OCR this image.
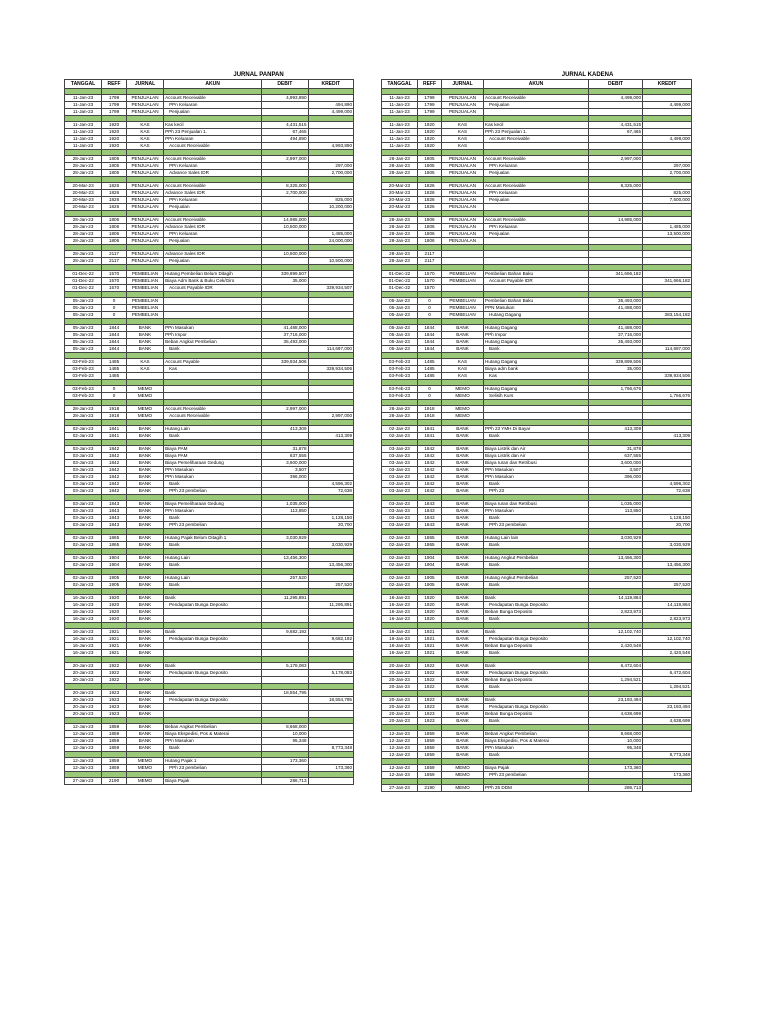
			JURNAL PANPAN		
TANGGAL	REFF	JURNAL	AKUN	DEBIT	KREDIT

11-Jan-23	1799	PENJUALAN	Account Receivable	4,993,890	
11-Jan-23	1799	PENJUALAN	PPn Keluaran		494,890
11-Jan-23	1799	PENJUALAN	Penjualan		4,499,000

11-Jan-23	1920	KAS	Kas kecil	4,431,515	
11-Jan-23	1920	KAS	PPh 23 Penjualan 1.	67,465	
11-Jan-23	1920	KAS	PPn Keluaran	494,890	
11-Jan-23	1920	KAS	Account Receivable		4,993,890

28-Jan-23	1805	PENJUALAN	Account Receivable	2,997,000	
28-Jan-23	1805	PENJUALAN	PPn Keluaran		297,000
28-Jan-23	1805	PENJUALAN	Advance Sales IDR		2,700,000

20-Mar-23	1826	PENJUALAN	Account Receivable	8,325,000	
20-Mar-23	1826	PENJUALAN	Advance Sales IDR	2,700,000	
20-Mar-23	1826	PENJUALAN	PPn Keluaran		825,000
20-Mar-23	1826	PENJUALAN	Penjualan		10,200,000

28-Jan-23	1806	PENJUALAN	Account Receivable	14,985,000	
28-Jan-23	1806	PENJUALAN	Advance Sales IDR	10,500,000	
28-Jan-23	1806	PENJUALAN	PPn Keluaran		1,485,000
28-Jan-23	1806	PENJUALAN	Penjualan		24,000,000

28-Jan-23	2117	PENJUALAN	Advance Sales IDR	10,500,000	
28-Jan-23	2117	PENJUALAN	Penjualan		10,500,000

01-Dec-22	1570	PEMBELIAN	Hutang Pembelian Belum Ditagih	339,899,507	
01-Dec-22	1570	PEMBELIAN	Biaya Adm Bank & Buku Cek/Giro	35,000	
01-Dec-22	1570	PEMBELIAN	Account Payable IDR		339,934,507

05-Jan-23	0	PEMBELIAN			
05-Jan-23	0	PEMBELIAN			
05-Jan-23	0	PEMBELIAN			

05-Jan-23	1844	BANK	PPn Masukan	41,488,000	
05-Jan-23	1844	BANK	PPh Impor	37,716,000	
05-Jan-23	1844	BANK	Beban Angkut Pembelian	35,493,000	
05-Jan-23	1844	BANK	Bank		114,697,000

03-Feb-23	1485	KAS	Account Payable	339,934,506	
03-Feb-23	1485	KAS	Kas		339,934,506
03-Feb-23	1485				

03-Feb-23	0	MEMO			
03-Feb-23	0	MEMO			

28-Jan-23	1918	MEMO	Account Receivable	2,997,000	
28-Jan-23	1918	MEMO	Account Receivable		2,997,000

02-Jan-23	1841	BANK	Hutang Lain	413,309	
02-Jan-23	1841	BANK	Bank		413,309

03-Jan-23	1842	BANK	Biaya PAM	31,878	
03-Jan-23	1842	BANK	Biaya PAM	637,555	
03-Jan-23	1842	BANK	Biaya Pemeliharaan Gedung	3,600,000	
03-Jan-23	1842	BANK	PPn Masukan	3,507	
03-Jan-23	1842	BANK	PPn Masukan	396,000	
03-Jan-23	1842	BANK	Bank		4,596,302
03-Jan-23	1842	BANK	PPh 23 pembelian		72,638

03-Jan-23	1843	BANK	Biaya Pemeliharaan Gedung	1,035,000	
03-Jan-23	1843	BANK	PPn Masukan	113,850	
03-Jan-23	1843	BANK	Bank		1,128,150
03-Jan-23	1843	BANK	PPh 23 pembelian		20,700

02-Jan-23	1865	BANK	Hutang Pajak Belum Ditagih 1	3,030,929	
02-Jan-23	1865	BANK	Bank		3,030,929

02-Jan-23	1904	BANK	Hutang Lain	13,456,300	
02-Jan-23	1904	BANK	Bank		13,456,300

02-Jan-23	1905	BANK	Hutang Lain	257,520	
02-Jan-23	1905	BANK	Bank		257,520

16-Jan-23	1920	BANK	Bank	11,295,891	
16-Jan-23	1920	BANK	Pendapatan Bunga Deposito		11,295,891
16-Jan-23	1920	BANK			
16-Jan-23	1920	BANK			

16-Jan-23	1921	BANK	Bank	9,682,192	
16-Jan-23	1921	BANK	Pendapatan Bunga Deposito		9,682,192
16-Jan-23	1921	BANK			
16-Jan-23	1921	BANK			

20-Jan-23	1922	BANK	Bank	5,178,083	
20-Jan-23	1922	BANK	Pendapatan Bunga Deposito		5,178,083
20-Jan-23	1922	BANK			

20-Jan-23	1923	BANK	Bank	18,554,795	
20-Jan-23	1923	BANK	Pendapatan Bunga Deposito		18,554,795
20-Jan-23	1923	BANK			
20-Jan-23	1923	BANK			

12-Jan-23	1859	BANK	Beban Angkut Pembelian	8,668,000	
12-Jan-23	1859	BANK	Biaya Ekspedisi, Pos & Materai	10,000	
12-Jan-23	1859	BANK	PPn Masukan	95,348	
12-Jan-23	1859	BANK	Bank		8,773,348

12-Jan-23	1859	MEMO	Hutang Pajak 1	173,360	
12-Jan-23	1859	MEMO	PPh 23 pembelian		173,360

27-Jan-23	2190	MEMO	Biaya Pajak	286,713	
			JURNAL KADENA		
TANGGAL	REFF	JURNAL	AKUN	DEBIT	KREDIT

11-Jan-23	1799	PENJUALAN	Account Receivable	4,499,000	
11-Jan-23	1799	PENJUALAN	Penjualan		4,499,000
11-Jan-23	1799	PENJUALAN			

11-Jan-23	1920	KAS	Kas kecil	4,431,515	
11-Jan-23	1920	KAS	PPh 23 Penjualan 1.	67,465	
11-Jan-23	1920	KAS	Account Receivable		4,499,000
11-Jan-23	1920	KAS			

28-Jan-23	1805	PENJUALAN	Account Receivable	2,997,000	
28-Jan-23	1805	PENJUALAN	PPn Keluaran		297,000
28-Jan-23	1805	PENJUALAN	Penjualan		2,700,000

20-Mar-23	1826	PENJUALAN	Account Receivable	8,325,000	
20-Mar-23	1826	PENJUALAN	PPn Keluaran		825,000
20-Mar-23	1826	PENJUALAN	Penjualan		7,500,000
20-Mar-23	1826	PENJUALAN			

28-Jan-23	1806	PENJUALAN	Account Receivable	14,985,000	
28-Jan-23	1806	PENJUALAN	PPn Keluaran		1,485,000
28-Jan-23	1806	PENJUALAN	Penjualan		13,500,000
28-Jan-23	1806	PENJUALAN			

28-Jan-23	2117				
28-Jan-23	2117				

01-Dec-22	1570	PEMBELIAN	Pembelian Bahan Baku	341,666,182	
01-Dec-22	1570	PEMBELIAN	Account Payable IDR		341,666,182
01-Dec-22	1570				

05-Jan-23	0	PEMBELIAN	Pembelian Bahan Baku	35,493,000	
05-Jan-23	0	PEMBELIAN	PPN Masukan	41,488,000	
05-Jan-23	0	PEMBELIAN	Hutang Dagang		383,154,182

05-Jan-23	1844	BANK	Hutang Dagang	41,488,000	
05-Jan-23	1844	BANK	PPh Impor	37,716,000	
05-Jan-23	1844	BANK	Hutang Dagang	35,493,000	
05-Jan-23	1844	BANK	Bank		114,697,000

03-Feb-23	1485	KAS	Hutang Dagang	339,899,506	
03-Feb-23	1485	KAS	Biaya adm bank	35,000	
03-Feb-23	1485	KAS	Kas		339,934,506

03-Feb-23	0	MEMO	Hutang Dagang	1,766,676	
03-Feb-23	0	MEMO	Selisih Kurs		1,766,676

28-Jan-23	1918	MEMO			
28-Jan-23	1918	MEMO			

02-Jan-23	1841	BANK	PPh 23 YMH Di Bayar	413,309	
02-Jan-23	1841	BANK	Bank		413,309

03-Jan-23	1842	BANK	Biaya Listrik dan Air	31,878	
03-Jan-23	1842	BANK	Biaya Listrik dan Air	637,555	
03-Jan-23	1842	BANK	Biaya Iuran dan Retribusi	3,600,000	
03-Jan-23	1842	BANK	PPn Masukan	3,507	
03-Jan-23	1842	BANK	PPn Masukan	396,000	
03-Jan-23	1842	BANK	Bank		4,596,302
03-Jan-23	1842	BANK	PPh 23		72,638

03-Jan-23	1843	BANK	Biaya Iuran dan Retribusi	1,035,000	
03-Jan-23	1843	BANK	PPn Masukan	113,850	
03-Jan-23	1843	BANK	Bank		1,128,150
03-Jan-23	1843	BANK	PPh 23 pembelian		20,700

02-Jan-23	1865	BANK	Hutang Lain lain	3,030,929	
02-Jan-23	1865	BANK	Bank		3,030,929

02-Jan-23	1904	BANK	Hutang Angkut Pembelian	13,456,300	
02-Jan-23	1904	BANK	Bank		13,456,300

02-Jan-23	1905	BANK	Hutang Angkut Pembelian	257,520	
02-Jan-23	1905	BANK	Bank		257,520

16-Jan-23	1920	BANK	Bank	14,119,864	
16-Jan-23	1920	BANK	Pendapatan Bunga Deposito		14,119,864
16-Jan-23	1920	BANK	Beban Bunga Deposito	2,823,973	
16-Jan-23	1920	BANK	Bank		2,823,973

16-Jan-23	1921	BANK	Bank	12,102,740	
16-Jan-23	1921	BANK	Pendapatan Bunga Deposito		12,102,740
16-Jan-23	1921	BANK	Beban Bunga Deposito	2,420,548	
16-Jan-23	1921	BANK	Bank		2,420,548

20-Jan-23	1922	BANK	Bank	6,472,604	
20-Jan-23	1922	BANK	Pendapatan Bunga Deposito		6,472,604
20-Jan-23	1922	BANK	Beban Bunga Deposito	1,294,521	
20-Jan-23	1922	BANK	Bank		1,294,521

20-Jan-23	1923	BANK	Bank	23,193,494	
20-Jan-23	1923	BANK	Pendapatan Bunga Deposito		23,193,494
20-Jan-23	1923	BANK	Beban Bunga Deposito	4,638,699	
20-Jan-23	1923	BANK	Bank		4,638,699

12-Jan-23	1859	BANK	Beban Angkut Pembelian	8,668,000	
12-Jan-23	1859	BANK	Biaya Ekspedisi, Pos & Materai	10,000	
12-Jan-23	1859	BANK	PPn Masukan	95,348	
12-Jan-23	1859	BANK	Bank		8,773,348

12-Jan-23	1859	MEMO	Biaya Pajak	173,360	
12-Jan-23	1859	MEMO	PPh 23 pembelian		173,360

27-Jan-23	2190	MEMO	PPh 25 DDM	286,713	
